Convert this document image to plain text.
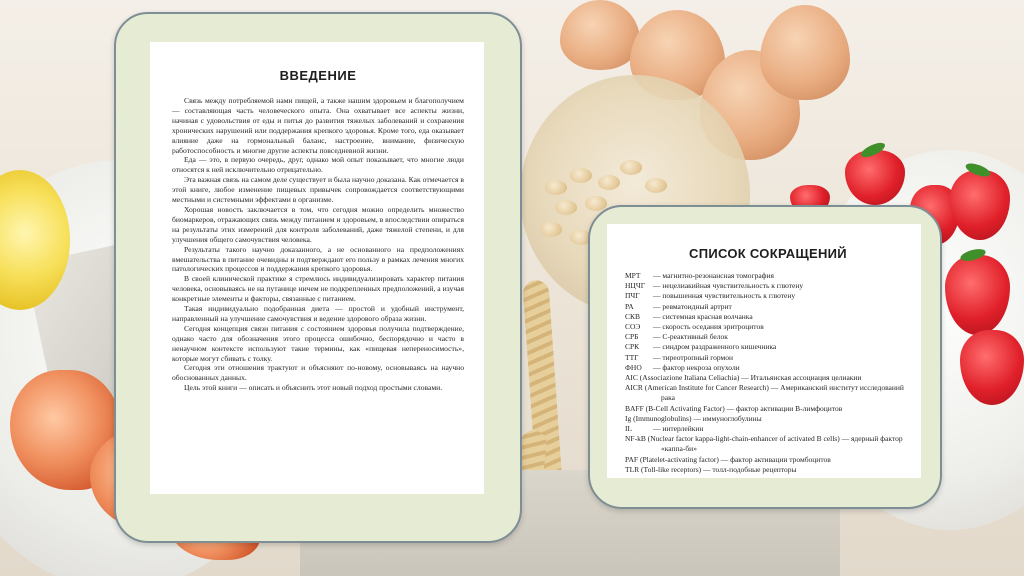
ВВЕДЕНИЕ

Связь между потребляемой нами пищей, а также нашим здоровьем и благополучием — составляющая часть человеческого опыта. Она охватывает все аспекты жизни, начиная с удовольствия от еды и питья до развития тяжелых заболеваний и сохранения хронических нарушений или поддержания крепкого здоровья. Кроме того, еда оказывает влияние даже на гормональный баланс, настроение, внимание, физическую работоспособность и многие другие аспекты повседневной жизни.

Еда — это, в первую очередь, друг, однако мой опыт показывает, что многие люди относятся к ней исключительно отрицательно.

Эта важная связь на самом деле существует и была научно доказана. Как отмечается в этой книге, любое изменение пищевых привычек сопровождается соответствующими местными и системными эффектами в организме.

Хорошая новость заключается в том, что сегодня можно определить множество биомаркеров, отражающих связь между питанием и здоровьем, в впоследствии опираться на результаты этих измерений для контроля заболеваний, даже тяжелой степени, и для улучшения общего самочувствия человека.

Результаты такого научно доказанного, а не основанного на предположениях вмешательства в питание очевидны и подтверждают его пользу в рамках лечения многих патологических процессов и поддержания крепкого здоровья.

В своей клинической практике я стремлюсь индивидуализировать характер питания человека, основываясь не на путанице ничем не подкрепленных предположений, а изучая конкретные элементы и факторы, связанные с питанием.

Такая индивидуально подобранная диета — простой и удобный инструмент, направленный на улучшение самочувствия и ведение здорового образа жизни.

Сегодня концепция связи питания с состоянием здоровья получила подтверждение, однако часто для обозначения этого процесса ошибочно, беспорядочно и часто в ненаучном контексте используют такие термины, как «пищевая непереносимость», которые могут сбивать с толку.

Сегодня эти отношения трактуют и объясняют по-новому, основываясь на научно обоснованных данных.

Цель этой книги — описать и объяснить этот новый подход простыми словами.

СПИСОК СОКРАЩЕНИЙ
МРТ	— магнитно-резонансная томография
НЦЧГ	— нецелиакийная чувствительность к глютену
ПЧГ	— повышенная чувствительность к глютену
РА	— ревматоидный артрит
СКВ	— системная красная волчанка
СОЭ	— скорость оседания эритроцитов
СРБ	— С-реактивный белок
СРК	— синдром раздраженного кишечника
ТТГ	— тиреотропный гормон
ФНО	— фактор некроза опухоли
AIC (Associazione Italiana Celiachia) — Итальянская ассоциация целиакии
AICR (American Institute for Cancer Research) — Американский институт исследований рака
BAFF (B-Cell Activating Factor) — фактор активации В-лимфоцитов
Ig (Immunoglobulins) — иммуноглобулины
IL	— интерлейкин
NF-kB (Nuclear factor kappa-light-chain-enhancer of activated B cells) — ядерный фактор «каппа-би»
PAF (Platelet-activating factor) — фактор активации тромбоцитов
TLR (Toll-like receptors) — толл-подобные рецепторы
